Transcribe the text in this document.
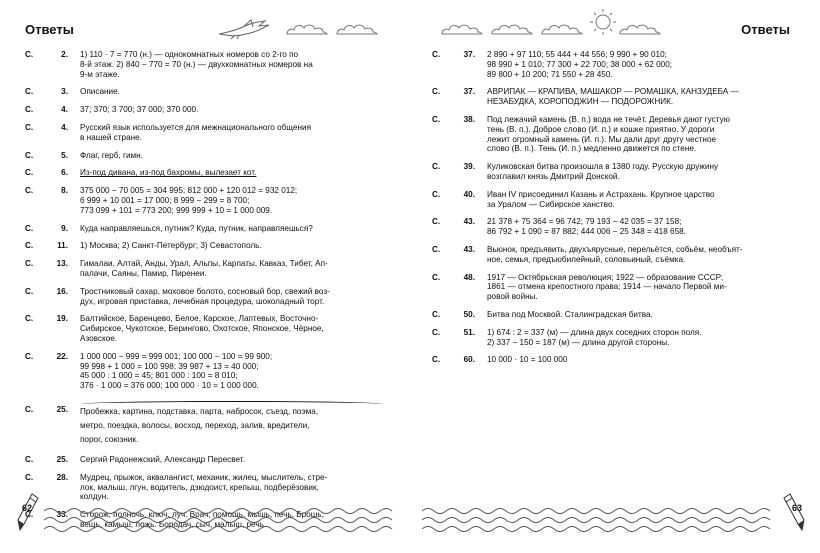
Ответы
С.	2. 1) 110 · 7 = 770 (н.) — однокомнатных номеров со 2-го по
8-й этаж. 2) 840 − 770 = 70 (н.) — двухкомнатных номеров на
9-м этаже.
С.	3. Описание.
С.	4. 37; 370; 3 700; 37 000; 370 000.
С.	4. Русский язык используется для межнационального общения
в нашей стране.
С.	5. Флаг, герб, гимн.
С.	6. Из-под дивана, из-под бахромы, вылезает кот.
С.	8. 375 000 − 70 005 = 304 995; 812 000 + 120 012 = 932 012;
6 999 + 10 001 = 17 000; 8 999 − 299 = 8 700;
773 099 + 101 = 773 200; 999 999 + 10 = 1 000 009.
С.	9. Куда направляешься, путник? Куда, путник, направляешься?
С.	11. 1) Москва; 2) Санкт-Петербург; 3) Севастополь.
С.	13. Гималаи, Алтай, Анды, Урал, Альпы, Карпаты, Кавказ, Тибет, Ап-
палачи, Саяны, Памир, Пиренеи.
С.	16. Тростниковый сахар, моховое болото, сосновый бор, свежий воз-
дух, игровая приставка, лечебная процедура, шоколадный торт.
С.	19. Балтийское, Баренцево, Белое, Карское, Лаптевых, Восточно-
Сибирское, Чукотское, Берингово, Охотское, Японское, Чёрное,
Азовское.
С.	22. 1 000 000 − 999 = 999 001; 100 000 − 100 = 99 900;
99 998 + 1 000 = 100 998; 39 987 + 13 = 40 000;
45 000 : 1 000 = 45; 801 000 : 100 = 8 010;
376 · 1 000 = 376 000; 100 000 · 10 = 1 000 000.
С.	25. Пробежка, картина, подставка, парта, набросок, съезд, поэма,
метро, поездка, волосы, восход, переход, залив, вредители,
порог, союзник.
С.	25. Сергий Радонежский, Александр Пересвет.
С.	28. Мудрец, прыжок, аквалангист, механик, жилец, мыслитель, стре-
лок, малыш, лгун, водитель, дзюдоист, крепыш, подберёзовик,
колдун.
С.	33. Сторож, полночь, ключ, луч. Врач, помощь, мышь, печь. Брошь,
вещь, камыш, ложь. Бородач, сыч, малыш, речь.
62
Ответы
С.	37. 2 890 + 97 110; 55 444 + 44 556; 9 990 + 90 010;
98 990 + 1 010; 77 300 + 22 700; 38 000 + 62 000;
89 800 + 10 200; 71 550 + 28 450.
С.	37. АВРИПАК — КРАПИВА, МАШАКОР — РОМАШКА, КАНЗУДЕБА —
НЕЗАБУДКА, КОРОПОДЖИН — ПОДОРОЖНИК.
С.	38. Под лежачий камень (В. п.) вода не течёт. Деревья дают густую
тень (В. п.). Доброе слово (И. п.) и кошке приятно. У дороги
лежит огромный камень (И. п.). Мы дали друг другу честное
слово (В. п.). Тень (И. п.) медленно движется по стене.
С.	39. Куликовская битва произошла в 1380 году. Русскую дружину
возглавил князь Дмитрий Донской.
С.	40. Иван IV присоединил Казань и Астрахань. Крупное царство
за Уралом — Сибирское ханство.
С.	43. 21 378 + 75 364 = 96 742; 79 193 − 42 035 = 37 158;
86 792 + 1 090 = 87 882; 444 006 − 25 348 = 418 658.
С.	43. Вьюнок, предъявить, двухъярусные, перельётся, собьём, необъят-
ное, семья, предъюбилейный, соловьиный, съёмка.
С.	48. 1917 — Октябрьская революция; 1922 — образование СССР;
1861 — отмена крепостного права; 1914 — начало Первой ми-
ровой войны.
С.	50. Битва под Москвой. Сталинградская битва.
С.	51. 1) 674 : 2 = 337 (м) — длина двух соседних сторон поля.
2) 337 − 150 = 187 (м) — длина другой стороны.
С.	60. 10 000 · 10 = 100 000
63
